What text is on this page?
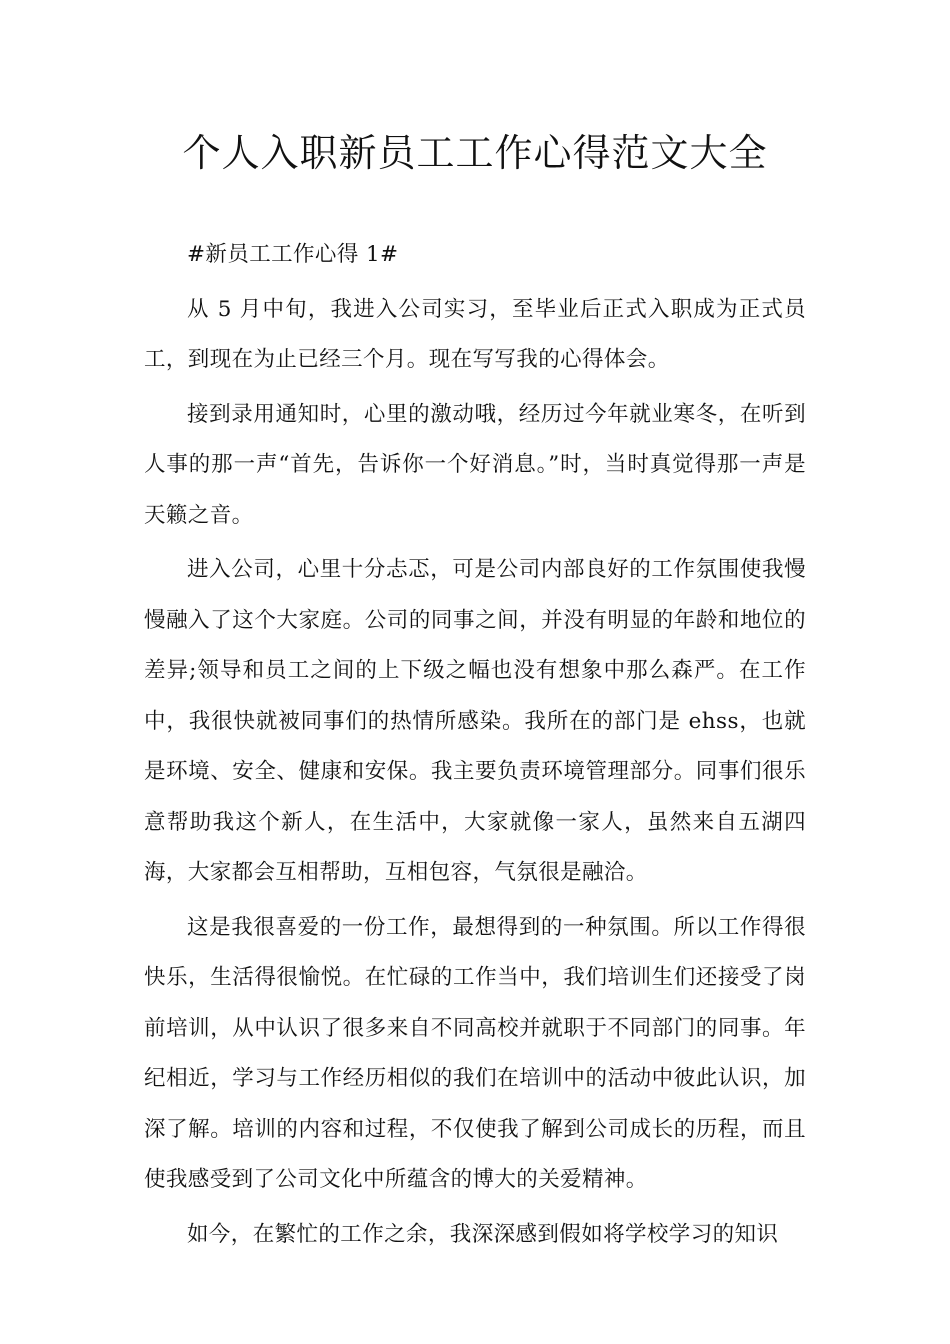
个人入职新员工工作心得范文大全

#新员工工作心得 1#

从 5 月中旬，我进入公司实习，至毕业后正式入职成为正式员工，到现在为止已经三个月。现在写写我的心得体会。

接到录用通知时，心里的激动哦，经历过今年就业寒冬，在听到人事的那一声“首先，告诉你一个好消息。”时，当时真觉得那一声是天籁之音。

进入公司，心里十分忐忑，可是公司内部良好的工作氛围使我慢慢融入了这个大家庭。公司的同事之间，并没有明显的年龄和地位的差异;领导和员工之间的上下级之幅也没有想象中那么森严。在工作中，我很快就被同事们的热情所感染。我所在的部门是 ehss，也就是环境、安全、健康和安保。我主要负责环境管理部分。同事们很乐意帮助我这个新人，在生活中，大家就像一家人，虽然来自五湖四海，大家都会互相帮助，互相包容，气氛很是融洽。

这是我很喜爱的一份工作，最想得到的一种氛围。所以工作得很快乐，生活得很愉悦。在忙碌的工作当中，我们培训生们还接受了岗前培训，从中认识了很多来自不同高校并就职于不同部门的同事。年纪相近，学习与工作经历相似的我们在培训中的活动中彼此认识，加深了解。培训的内容和过程，不仅使我了解到公司成长的历程，而且使我感受到了公司文化中所蕴含的博大的关爱精神。

如今，在繁忙的工作之余，我深深感到假如将学校学习的知识
